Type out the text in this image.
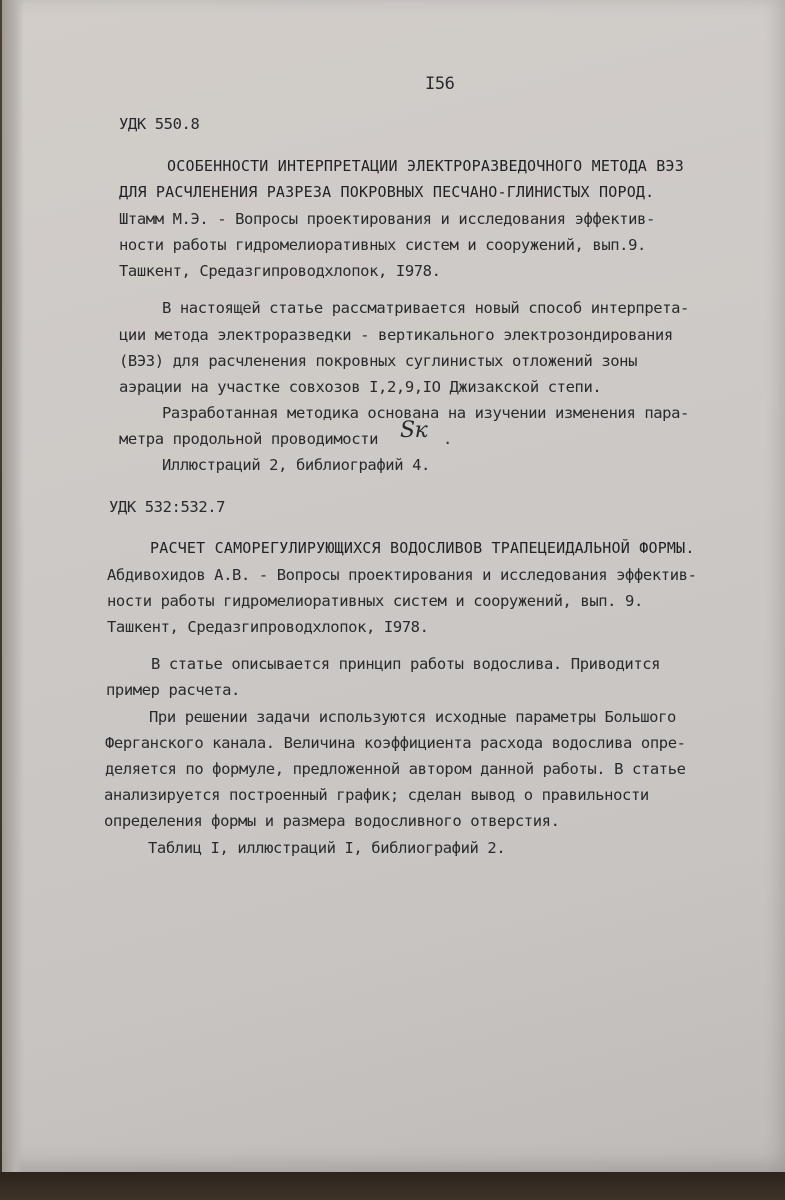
I56
УДК 550.8
ОСОБЕННОСТИ ИНТЕРПРЕТАЦИИ ЭЛЕКТРОРАЗВЕДОЧНОГО МЕТОДА ВЭЗ
ДЛЯ РАСЧЛЕНЕНИЯ РАЗРЕЗА ПОКРОВНЫХ ПЕСЧАНО-ГЛИНИСТЫХ ПОРОД.
Штамм М.Э. - Вопросы проектирования и исследования эффектив-
ности работы гидромелиоративных систем и сооружений, вып.9.
Ташкент, Средазгипроводхлопок, I978.
В настоящей статье рассматривается новый способ интерпрета-
ции метода электроразведки - вертикального электрозондирования
(ВЭЗ) для расчленения покровных суглинистых отложений зоны
аэрации на участке совхозов I,2,9,IO Джизакской степи.
Разработанная методика основана на изучении изменения пара-
метра продольной проводимости Sк .
Иллюстраций 2, библиографий 4.
УДК 532:532.7
РАСЧЕТ САМОРЕГУЛИРУЮЩИХСЯ ВОДОСЛИВОВ ТРАПЕЦЕИДАЛЬНОЙ ФОРМЫ.
Абдивохидов А.В. - Вопросы проектирования и исследования эффектив-
ности работы гидромелиоративных систем и сооружений, вып. 9.
Ташкент, Средазгипроводхлопок, I978.
В статье описывается принцип работы водослива. Приводится
пример расчета.
При решении задачи используются исходные параметры Большого
Ферганского канала. Величина коэффициента расхода водослива опре-
деляется по формуле, предложенной автором данной работы. В статье
анализируется построенный график; сделан вывод о правильности
определения формы и размера водосливного отверстия.
Таблиц I, иллюстраций I, библиографий 2.
